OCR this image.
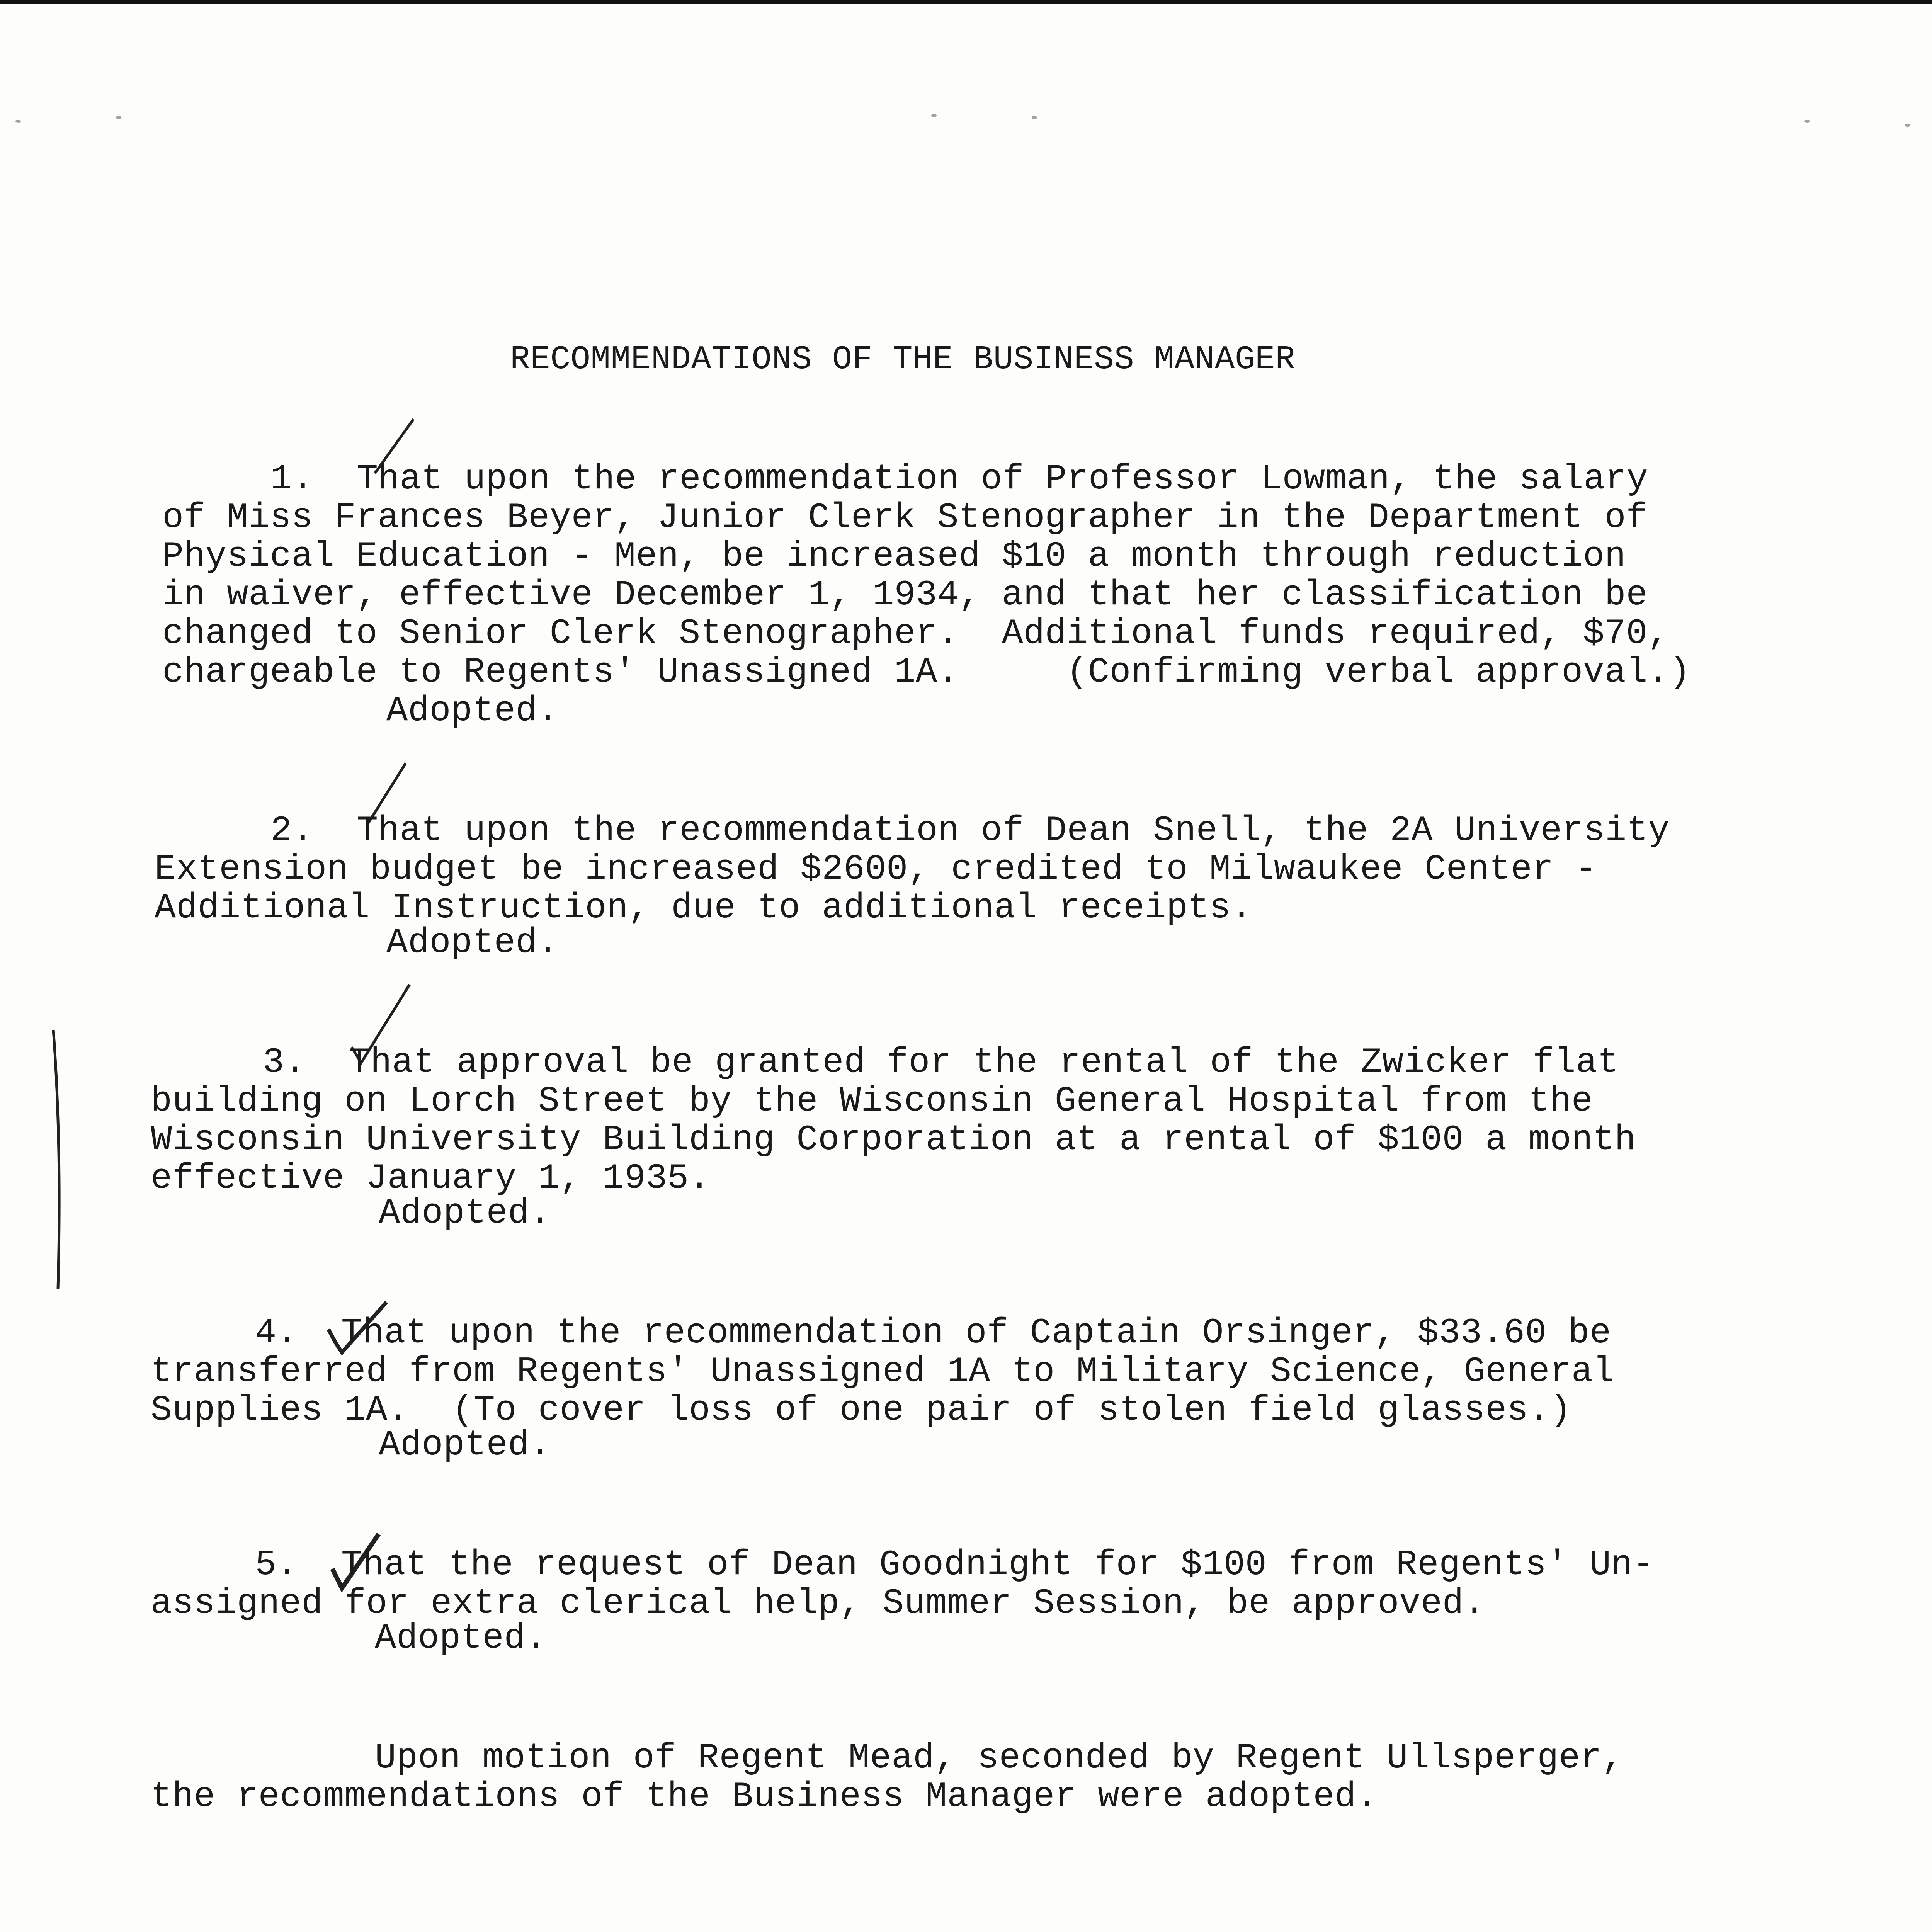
RECOMMENDATIONS OF THE BUSINESS MANAGER
1.  That upon the recommendation of Professor Lowman, the salary
of Miss Frances Beyer, Junior Clerk Stenographer in the Department of
Physical Education - Men, be increased $10 a month through reduction
in waiver, effective December 1, 1934, and that her classification be
changed to Senior Clerk Stenographer.  Additional funds required, $70,
chargeable to Regents' Unassigned 1A.     (Confirming verbal approval.)
Adopted.
2.  That upon the recommendation of Dean Snell, the 2A University
Extension budget be increased $2600, credited to Milwaukee Center -
Additional Instruction, due to additional receipts.
Adopted.
3.  That approval be granted for the rental of the Zwicker flat
building on Lorch Street by the Wisconsin General Hospital from the
Wisconsin University Building Corporation at a rental of $100 a month
effective January 1, 1935.
Adopted.
4.  That upon the recommendation of Captain Orsinger, $33.60 be
transferred from Regents' Unassigned 1A to Military Science, General
Supplies 1A.  (To cover loss of one pair of stolen field glasses.)
Adopted.
5.  That the request of Dean Goodnight for $100 from Regents' Un-
assigned for extra clerical help, Summer Session, be approved.
Adopted.
Upon motion of Regent Mead, seconded by Regent Ullsperger,
the recommendations of the Business Manager were adopted.
